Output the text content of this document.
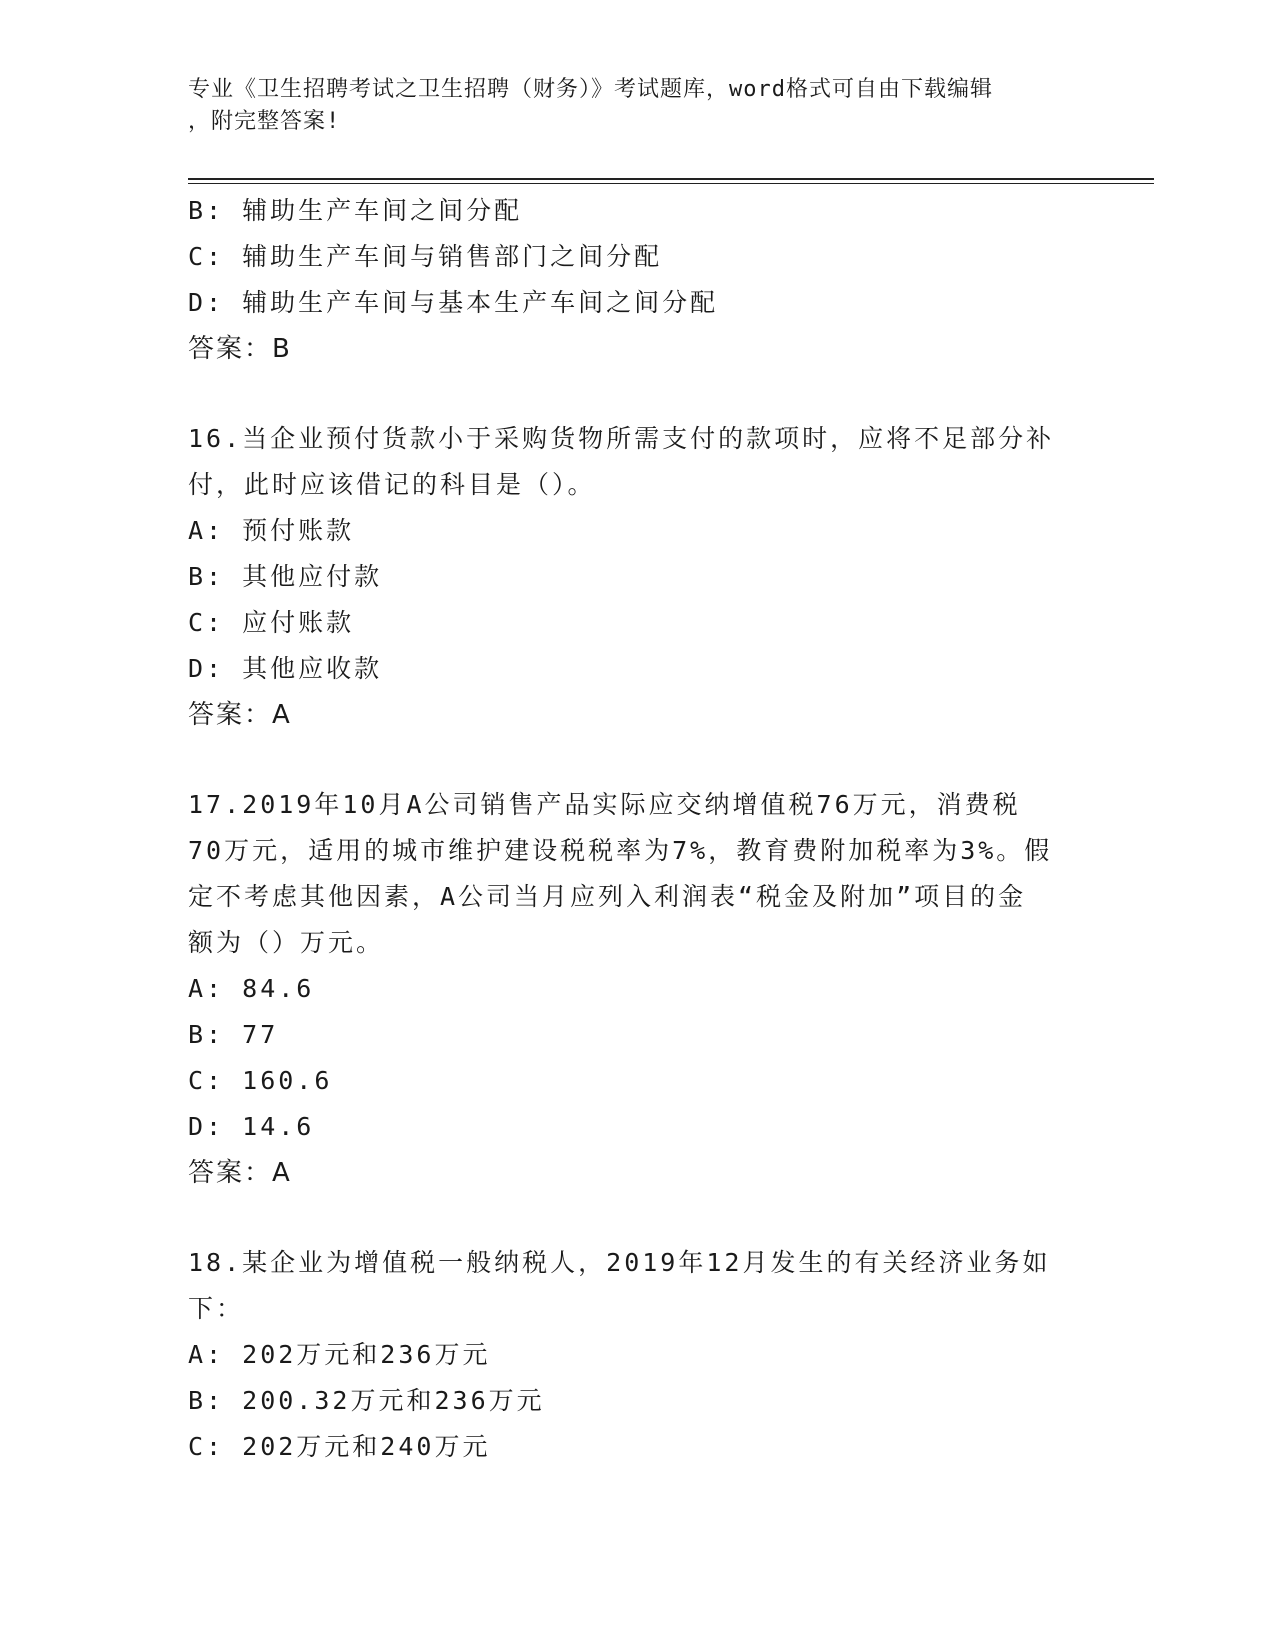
专业《卫生招聘考试之卫生招聘（财务）》考试题库，word格式可自由下载编辑
，附完整答案!
B: 辅助生产车间之间分配
C: 辅助生产车间与销售部门之间分配
D: 辅助生产车间与基本生产车间之间分配
答案：B
16.当企业预付货款小于采购货物所需支付的款项时，应将不足部分补
付，此时应该借记的科目是（）。
A: 预付账款
B: 其他应付款
C: 应付账款
D: 其他应收款
答案：A
17.2019年10月A公司销售产品实际应交纳增值税76万元，消费税
70万元，适用的城市维护建设税税率为7%，教育费附加税率为3%。假
定不考虑其他因素，A公司当月应列入利润表“税金及附加”项目的金
额为（）万元。
A: 84.6
B: 77
C: 160.6
D: 14.6
答案：A
18.某企业为增值税一般纳税人，2019年12月发生的有关经济业务如
下：
A: 202万元和236万元
B: 200.32万元和236万元
C: 202万元和240万元
